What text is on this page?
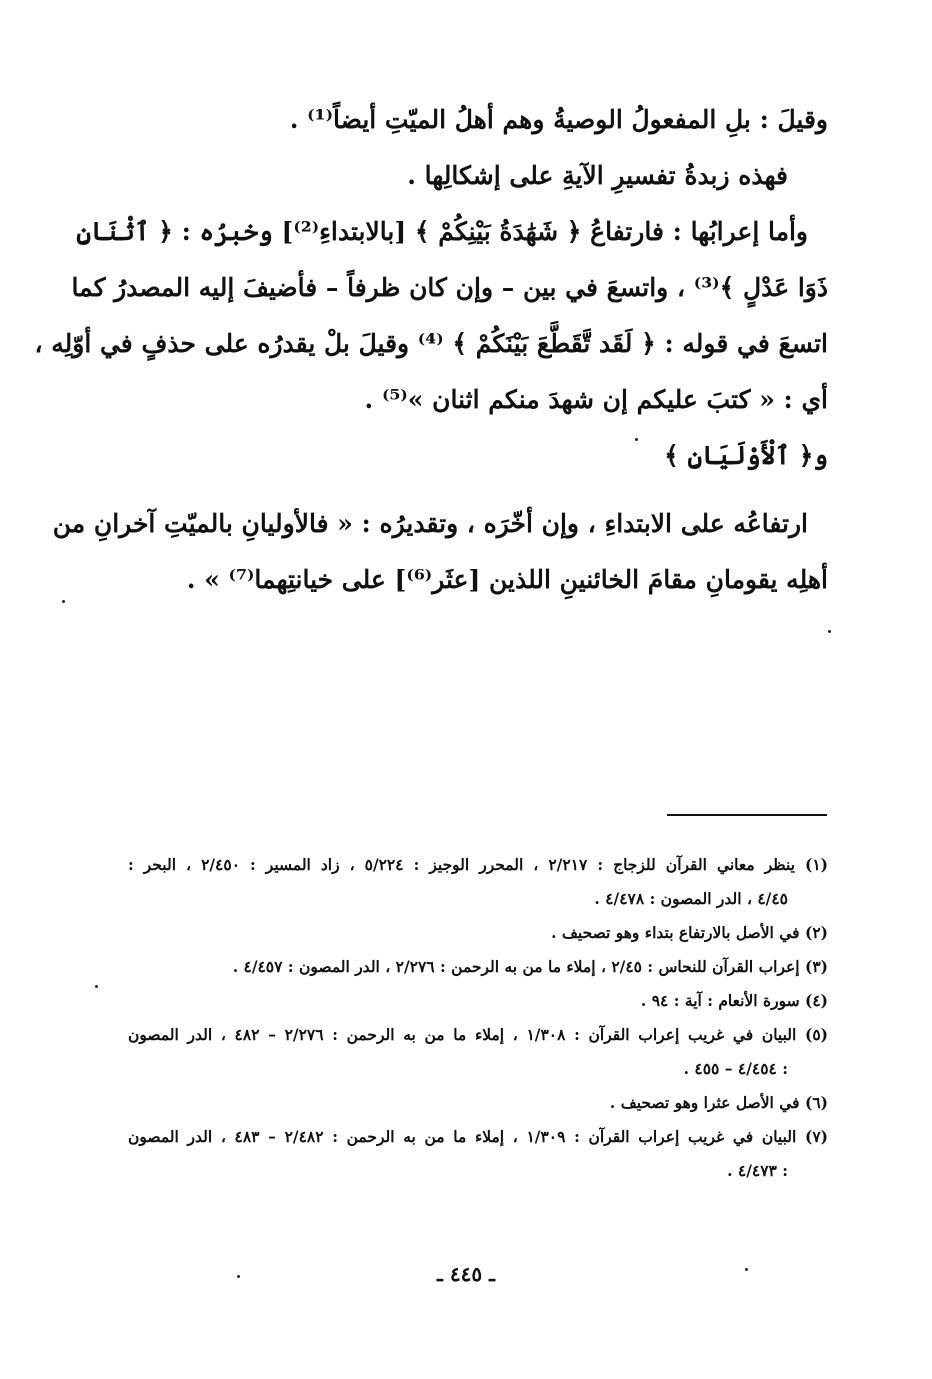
وقيلَ : بلِ المفعولُ الوصيةُ وهم أهلُ الميّتِ أيضاً⁽¹⁾ .
فهذه زبدةُ تفسيرِ الآيةِ على إشكالِها .
وأما إعرابُها : فارتفاعُ ﴿ شَهَٰدَةُ بَيْنِكُمْ ﴾ [بالابتداءِ⁽²⁾] وخبرُه : ﴿ ٱثْنَانِ
ذَوَا عَدْلٍ ﴾⁽³⁾ ، واتسعَ في بين – وإن كان ظرفاً – فأضيفَ إليه المصدرُ كما
اتسعَ في قوله : ﴿ لَقَد تَّقَطَّعَ بَيْنَكُمْ ﴾ ⁽⁴⁾ وقيلَ بلْ يقدرُه على حذفٍ في أوّلِه ،
أي : « كتبَ عليكم إن شهدَ منكم اثنان »⁽⁵⁾ .
و﴿ ٱلْأَوْلَيَانِ ﴾
ارتفاعُه على الابتداءِ ، وإن أخّرَه ، وتقديرُه : « فالأوليانِ بالميّتِ آخرانِ من
أهلِه يقومانِ مقامَ الخائنينِ اللذين [عثَر⁽⁶⁾] على خيانتِهما⁽⁷⁾ » .
(١) ينظر معاني القرآن للزجاج : ٢/٢١٧ ، المحرر الوجيز : ٥/٢٢٤ ، زاد المسير : ٢/٤٥٠ ، البحر :
٤/٤٥ ، الدر المصون : ٤/٤٧٨ .
(٢) في الأصل بالارتفاع بتداء وهو تصحيف .
(٣) إعراب القرآن للنحاس : ٢/٤٥ ، إملاء ما من به الرحمن : ٢/٢٧٦ ، الدر المصون : ٤/٤٥٧ .
(٤) سورة الأنعام : آية : ٩٤ .
(٥) البيان في غريب إعراب القرآن : ١/٣٠٨ ، إملاء ما من به الرحمن : ٢/٢٧٦ – ٤٨٢ ، الدر المصون
: ٤/٤٥٤ – ٤٥٥ .
(٦) في الأصل عثرا وهو تصحيف .
(٧) البيان في غريب إعراب القرآن : ١/٣٠٩ ، إملاء ما من به الرحمن : ٢/٤٨٢ – ٤٨٣ ، الدر المصون
: ٤/٤٧٣ .
ـ ٤٤٥ ـ
